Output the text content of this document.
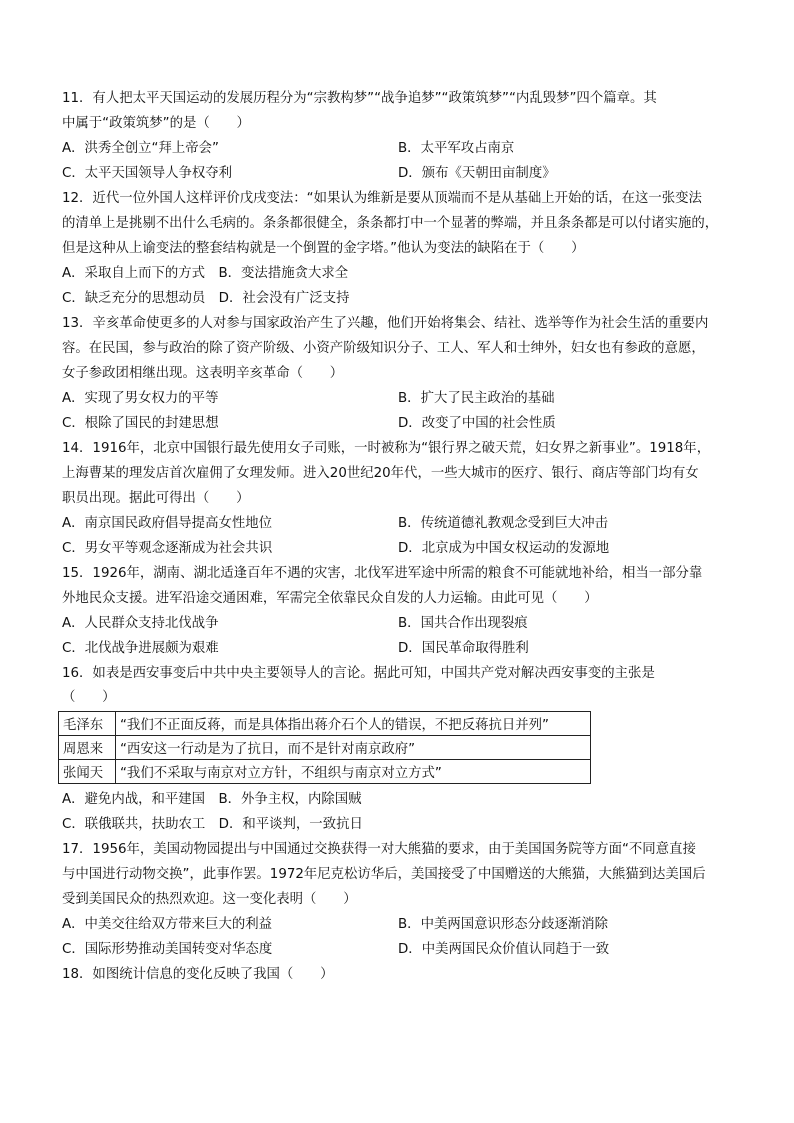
11．有人把太平天国运动的发展历程分为“宗教构梦”“战争追梦”“政策筑梦”“内乱毁梦”四个篇章。其
中属于“政策筑梦”的是（　　）
A．洪秀全创立“拜上帝会”	B．太平军攻占南京
C．太平天国领导人争权夺利	D．颁布《天朝田亩制度》
12．近代一位外国人这样评价戊戌变法：“如果认为维新是要从顶端而不是从基础上开始的话，在这一张变法
的清单上是挑剔不出什么毛病的。条条都很健全，条条都打中一个显著的弊端，并且条条都是可以付诸实施的，
但是这种从上谕变法的整套结构就是一个倒置的金字塔。”他认为变法的缺陷在于（　　）
A．采取自上而下的方式　B．变法措施贪大求全
C．缺乏充分的思想动员　D．社会没有广泛支持
13．辛亥革命使更多的人对参与国家政治产生了兴趣，他们开始将集会、结社、选举等作为社会生活的重要内
容。在民国，参与政治的除了资产阶级、小资产阶级知识分子、工人、军人和士绅外，妇女也有参政的意愿，
女子参政团相继出现。这表明辛亥革命（　　）
A．实现了男女权力的平等	B．扩大了民主政治的基础
C．根除了国民的封建思想	D．改变了中国的社会性质
14．1916年，北京中国银行最先使用女子司账，一时被称为“银行界之破天荒，妇女界之新事业”。1918年，
上海曹某的理发店首次雇佣了女理发师。进入20世纪20年代，一些大城市的医疗、银行、商店等部门均有女
职员出现。据此可得出（　　）
A．南京国民政府倡导提高女性地位	B．传统道德礼教观念受到巨大冲击
C．男女平等观念逐渐成为社会共识	D．北京成为中国女权运动的发源地
15．1926年，湖南、湖北适逢百年不遇的灾害，北伐军进军途中所需的粮食不可能就地补给，相当一部分靠
外地民众支援。进军沿途交通困难，军需完全依靠民众自发的人力运输。由此可见（　　）
A．人民群众支持北伐战争	B．国共合作出现裂痕
C．北伐战争进展颇为艰难	D．国民革命取得胜利
16．如表是西安事变后中共中央主要领导人的言论。据此可知，中国共产党对解决西安事变的主张是
（　　）
毛泽东	“我们不正面反蒋，而是具体指出蒋介石个人的错误，不把反蒋抗日并列”
周恩来	“西安这一行动是为了抗日，而不是针对南京政府”
张闻天	“我们不采取与南京对立方针，不组织与南京对立方式”
A．避免内战，和平建国　B．外争主权，内除国贼
C．联俄联共，扶助农工　D．和平谈判，一致抗日
17．1956年，美国动物园提出与中国通过交换获得一对大熊猫的要求，由于美国国务院等方面“不同意直接
与中国进行动物交换”，此事作罢。1972年尼克松访华后，美国接受了中国赠送的大熊猫，大熊猫到达美国后
受到美国民众的热烈欢迎。这一变化表明（　　）
A．中美交往给双方带来巨大的利益	B．中美两国意识形态分歧逐渐消除
C．国际形势推动美国转变对华态度	D．中美两国民众价值认同趋于一致
18．如图统计信息的变化反映了我国（　　）
